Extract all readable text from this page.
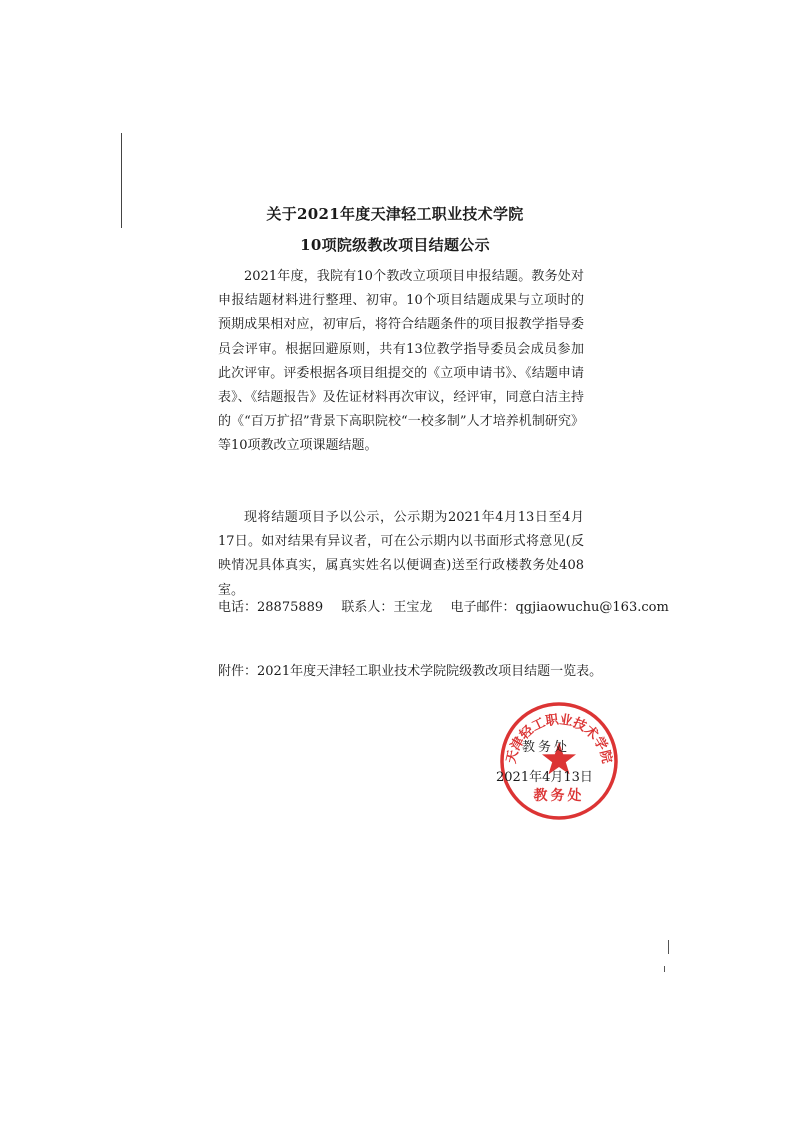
关于2021年度天津轻工职业技术学院
10项院级教改项目结题公示
2021年度，我院有10个教改立项项目申报结题。教务处对申报结题材料进行整理、初审。10个项目结题成果与立项时的预期成果相对应，初审后，将符合结题条件的项目报教学指导委员会评审。根据回避原则，共有13位教学指导委员会成员参加此次评审。评委根据各项目组提交的《立项申请书》、《结题申请表》、《结题报告》及佐证材料再次审议，经评审，同意白洁主持的《“百万扩招”背景下高职院校“一校多制”人才培养机制研究》等10项教改立项课题结题。
现将结题项目予以公示，公示期为2021年4月13日至4月17日。如对结果有异议者，可在公示期内以书面形式将意见(反映情况具体真实，属真实姓名以便调查)送至行政楼教务处408室。
电话：28875889 联系人：王宝龙 电子邮件：qgjiaowuchu@163.com
附件：2021年度天津轻工职业技术学院院级教改项目结题一览表。
天津轻工职业技术学院
教务处
教务处
2021年4月13日
